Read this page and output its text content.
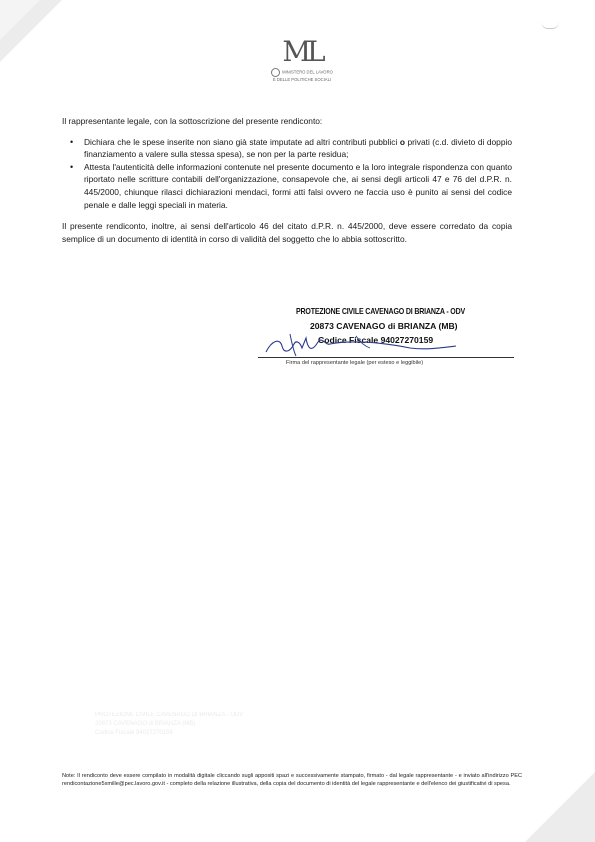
ML
MINISTERO DEL LAVORO
E DELLE POLITICHE SOCIALI

Il rappresentante legale, con la sottoscrizione del presente rendiconto:

• Dichiara che le spese inserite non siano già state imputate ad altri contributi pubblici o privati (c.d. divieto di doppio finanziamento a valere sulla stessa spesa), se non per la parte residua;
• Attesta l'autenticità delle informazioni contenute nel presente documento e la loro integrale rispondenza con quanto riportato nelle scritture contabili dell'organizzazione, consapevole che, ai sensi degli articoli 47 e 76 del d.P.R. n. 445/2000, chiunque rilasci dichiarazioni mendaci, formi atti falsi ovvero ne faccia uso è punito ai sensi del codice penale e dalle leggi speciali in materia.

Il presente rendiconto, inoltre, ai sensi dell'articolo 46 del citato d.P.R. n. 445/2000, deve essere corredato da copia semplice di un documento di identità in corso di validità del soggetto che lo abbia sottoscritto.

PROTEZIONE CIVILE CAVENAGO DI BRIANZA - ODV
20873 CAVENAGO di BRIANZA (MB)
Codice Fiscale 94027270159
Firma del rappresentante legale (per esteso e leggibile)
PROTEZIONE CIVILE CAVENAGO DI BRIANZA - ODV
20873 CAVENAGO di BRIANZA (MB)
Codice Fiscale 94027270159
Note: Il rendiconto deve essere compilato in modalità digitale cliccando sugli appositi spazi e successivamente stampato, firmato - dal legale rappresentante - e inviato all'indirizzo PEC rendicontazione5xmille@pec.lavoro.gov.it - completo della relazione illustrativa, della copia del documento di identità del legale rappresentante e dell'elenco dei giustificativi di spesa.
